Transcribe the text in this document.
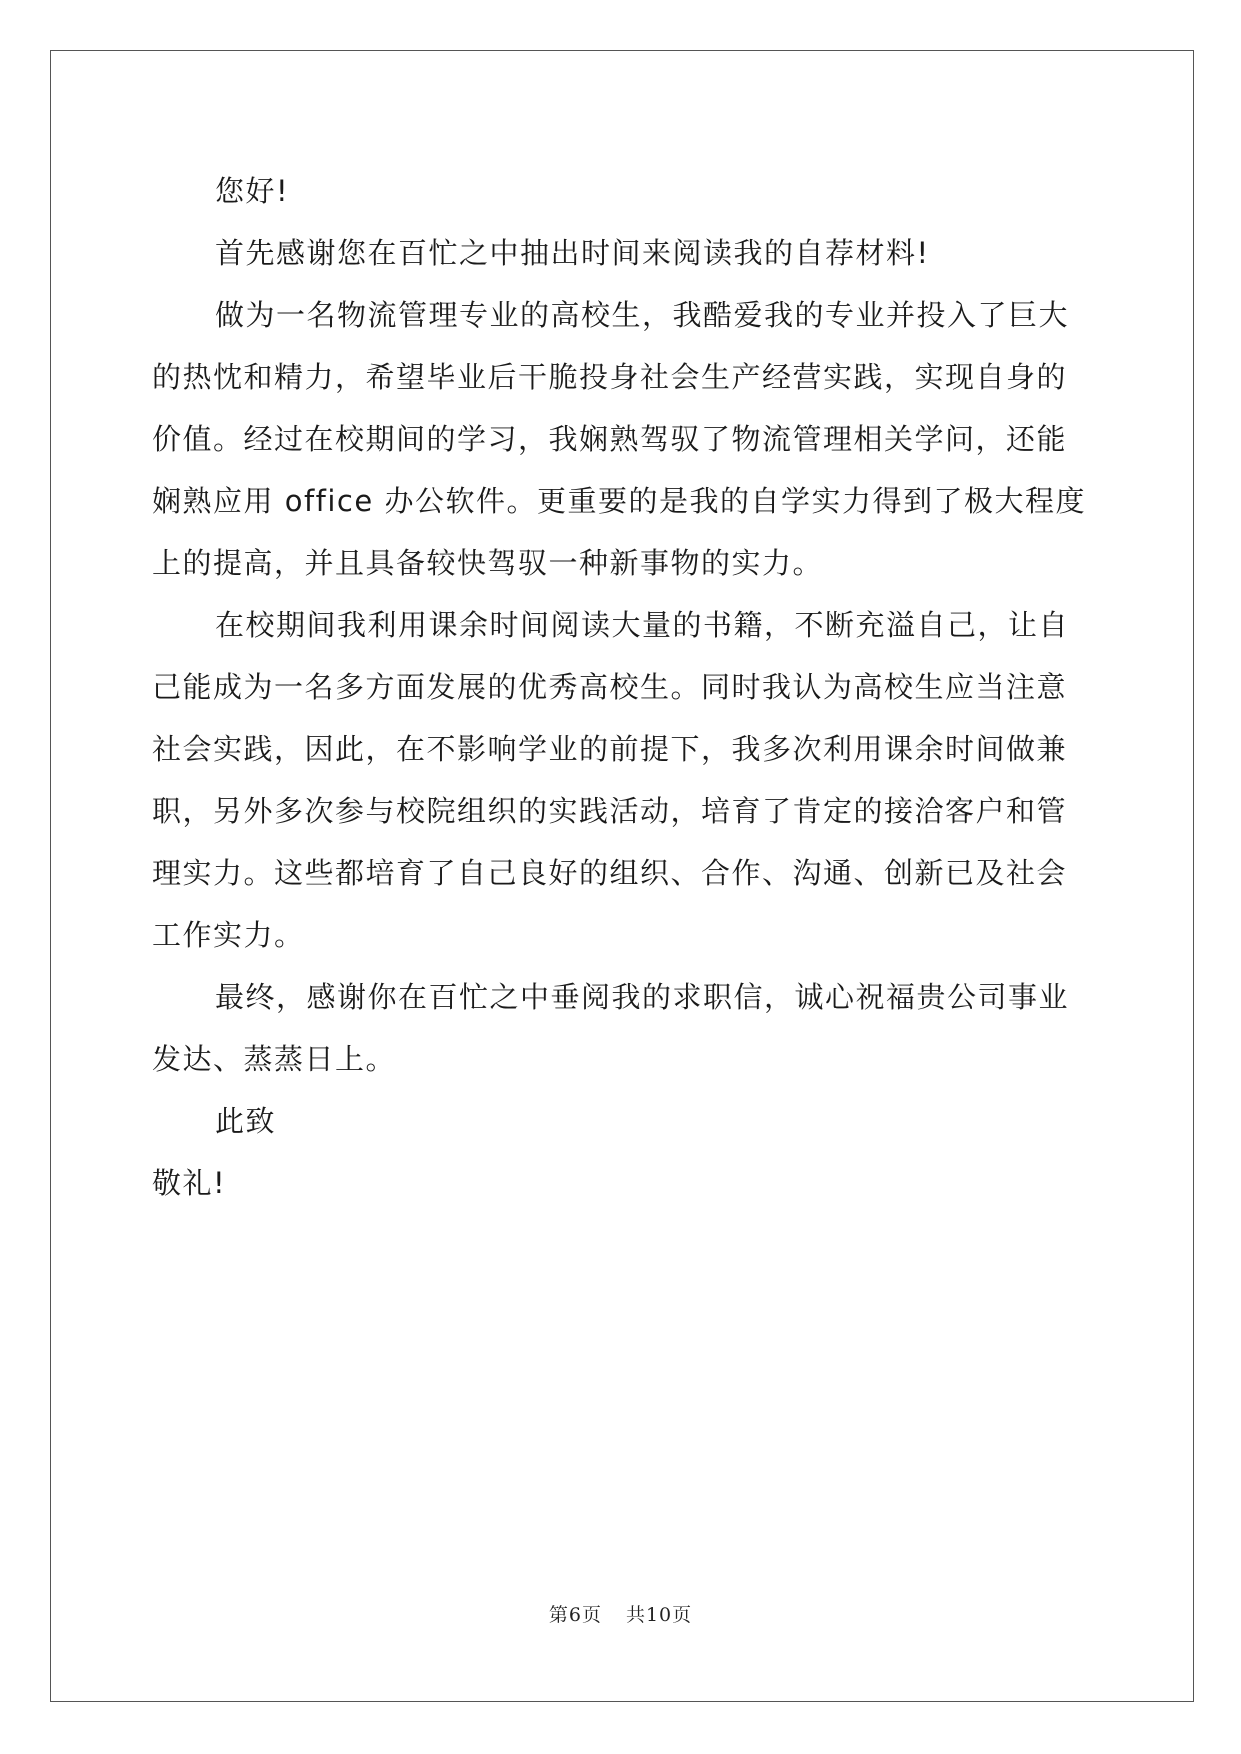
您好!
首先感谢您在百忙之中抽出时间来阅读我的自荐材料!
做为一名物流管理专业的高校生，我酷爱我的专业并投入了巨大
的热忱和精力，希望毕业后干脆投身社会生产经营实践，实现自身的
价值。经过在校期间的学习，我娴熟驾驭了物流管理相关学问，还能
娴熟应用 office 办公软件。更重要的是我的自学实力得到了极大程度
上的提高，并且具备较快驾驭一种新事物的实力。
在校期间我利用课余时间阅读大量的书籍，不断充溢自己，让自
己能成为一名多方面发展的优秀高校生。同时我认为高校生应当注意
社会实践，因此，在不影响学业的前提下，我多次利用课余时间做兼
职，另外多次参与校院组织的实践活动，培育了肯定的接洽客户和管
理实力。这些都培育了自己良好的组织、合作、沟通、创新已及社会
工作实力。
最终，感谢你在百忙之中垂阅我的求职信，诚心祝福贵公司事业
发达、蒸蒸日上。
此致
敬礼!
第6页 共10页
